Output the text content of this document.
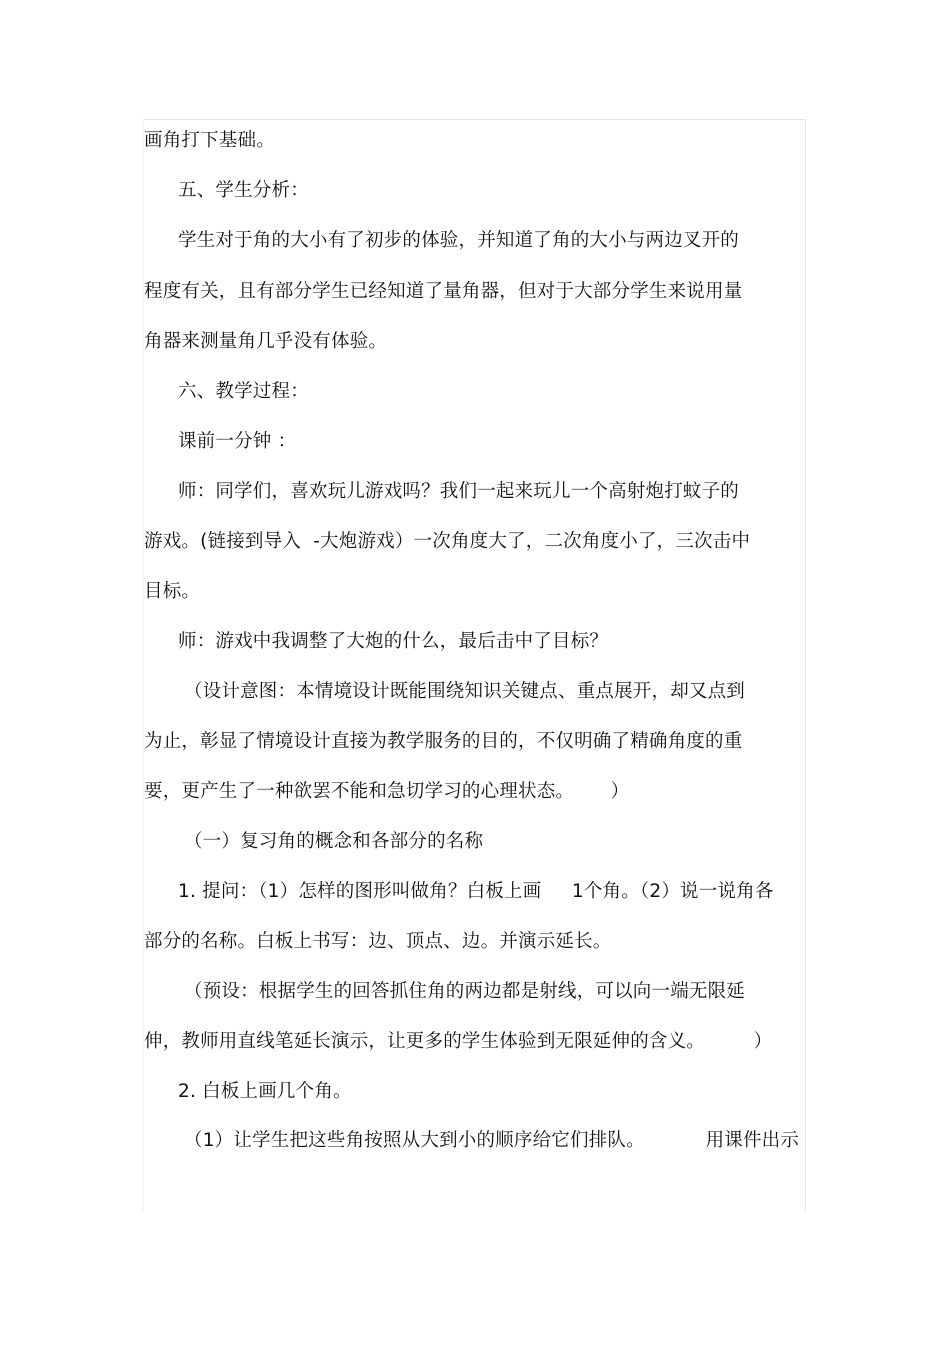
画角打下基础。
五、学生分析：
学生对于角的大小有了初步的体验，并知道了角的大小与两边叉开的
程度有关，且有部分学生已经知道了量角器，但对于大部分学生来说用量
角器来测量角几乎没有体验。
六、教学过程：
课前一分钟 ：
师：同学们，喜欢玩儿游戏吗？我们一起来玩儿一个高射炮打蚊子的
游戏。(链接到导入  -大炮游戏）一次角度大了，二次角度小了，三次击中
目标。
师：游戏中我调整了大炮的什么，最后击中了目标？
（设计意图：本情境设计既能围绕知识关键点、重点展开，却又点到
为止，彰显了情境设计直接为教学服务的目的，不仅明确了精确角度的重
要，更产生了一种欲罢不能和急切学习的心理状态。      ）
（一）复习角的概念和各部分的名称
1. 提问：（1）怎样的图形叫做角？白板上画     1个角。（2）说一说角各
部分的名称。白板上书写：边、顶点、边。并演示延长。
（预设：根据学生的回答抓住角的两边都是射线，可以向一端无限延
伸，教师用直线笔延长演示，让更多的学生体验到无限延伸的含义。        ）
2. 白板上画几个角。
（1）让学生把这些角按照从大到小的顺序给它们排队。          用课件出示
